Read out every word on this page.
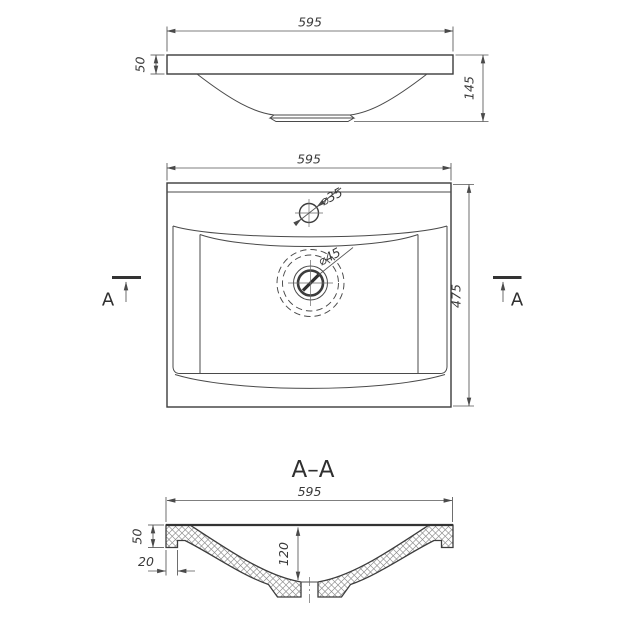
595
50
145
⌀35
⌀45
595
475
A	A
A–A
595
50
20	120
